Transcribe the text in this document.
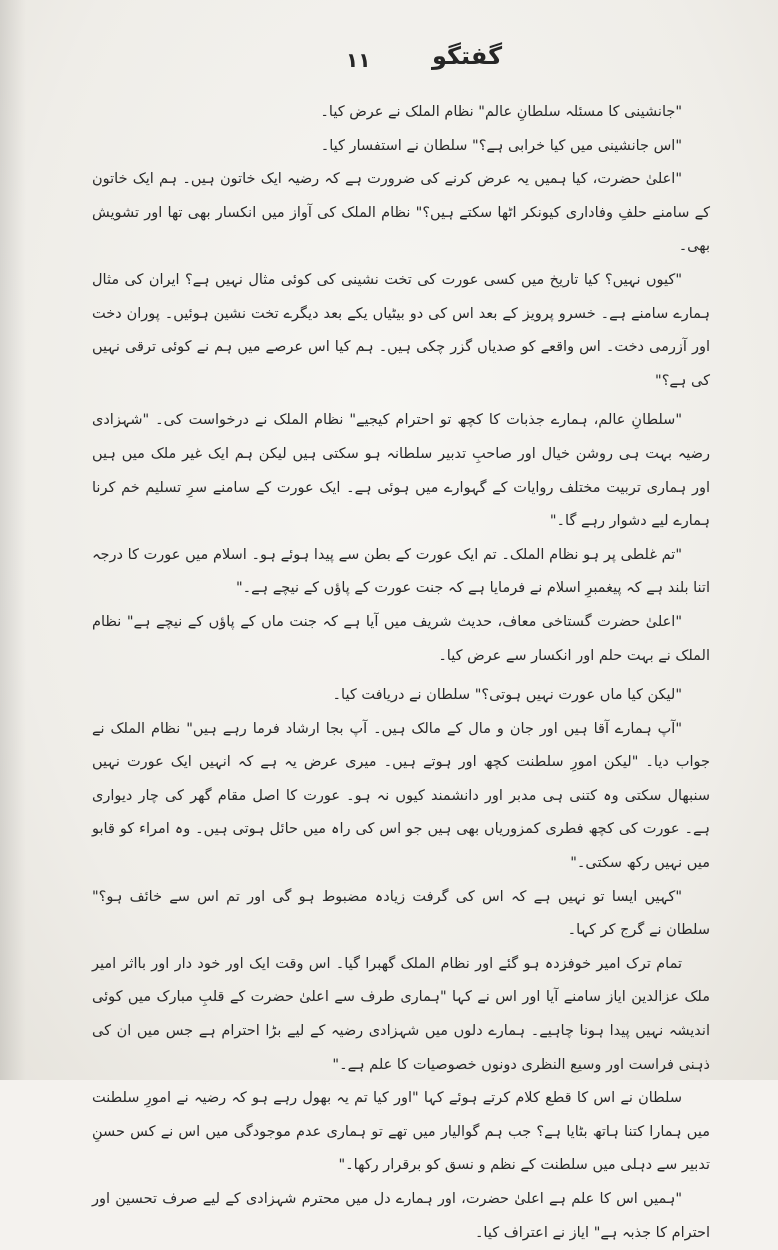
۱۱	گفتگو

"جانشینی کا مسئلہ سلطانِ عالم" نظام الملک نے عرض کیا۔

"اس جانشینی میں کیا خرابی ہے؟" سلطان نے استفسار کیا۔

"اعلیٰ حضرت، کیا ہمیں یہ عرض کرنے کی ضرورت ہے کہ رضیہ ایک خاتون ہیں۔ ہم ایک خاتون کے سامنے حلفِ وفاداری کیونکر اٹھا سکتے ہیں؟" نظام الملک کی آواز میں انکسار بھی تھا اور تشویش بھی۔

"کیوں نہیں؟ کیا تاریخ میں کسی عورت کی تخت نشینی کی کوئی مثال نہیں ہے؟ ایران کی مثال ہمارے سامنے ہے۔ خسرو پرویز کے بعد اس کی دو بیٹیاں یکے بعد دیگرے تخت نشین ہوئیں۔ پوران دخت اور آزرمی دخت۔ اس واقعے کو صدیاں گزر چکی ہیں۔ ہم کیا اس عرصے میں ہم نے کوئی ترقی نہیں کی ہے؟"

"سلطانِ عالم، ہمارے جذبات کا کچھ تو احترام کیجیے" نظام الملک نے درخواست کی۔ "شہزادی رضیہ بہت ہی روشن خیال اور صاحبِ تدبیر سلطانہ ہو سکتی ہیں لیکن ہم ایک غیر ملک میں ہیں اور ہماری تربیت مختلف روایات کے گہوارے میں ہوئی ہے۔ ایک عورت کے سامنے سرِ تسلیم خم کرنا ہمارے لیے دشوار رہے گا۔"

"تم غلطی پر ہو نظام الملک۔ تم ایک عورت کے بطن سے پیدا ہوئے ہو۔ اسلام میں عورت کا درجہ اتنا بلند ہے کہ پیغمبرِ اسلام نے فرمایا ہے کہ جنت عورت کے پاؤں کے نیچے ہے۔"

"اعلیٰ حضرت گستاخی معاف، حدیث شریف میں آیا ہے کہ جنت ماں کے پاؤں کے نیچے ہے" نظام الملک نے بہت حلم اور انکسار سے عرض کیا۔

"لیکن کیا ماں عورت نہیں ہوتی؟" سلطان نے دریافت کیا۔

"آپ ہمارے آقا ہیں اور جان و مال کے مالک ہیں۔ آپ بجا ارشاد فرما رہے ہیں" نظام الملک نے جواب دیا۔ "لیکن امورِ سلطنت کچھ اور ہوتے ہیں۔ میری عرض یہ ہے کہ انہیں ایک عورت نہیں سنبھال سکتی وہ کتنی ہی مدبر اور دانشمند کیوں نہ ہو۔ عورت کا اصل مقام گھر کی چار دیواری ہے۔ عورت کی کچھ فطری کمزوریاں بھی ہیں جو اس کی راہ میں حائل ہوتی ہیں۔ وہ امراء کو قابو میں نہیں رکھ سکتی۔"

"کہیں ایسا تو نہیں ہے کہ اس کی گرفت زیادہ مضبوط ہو گی اور تم اس سے خائف ہو؟" سلطان نے گرج کر کہا۔

تمام ترک امیر خوفزدہ ہو گئے اور نظام الملک گھبرا گیا۔ اس وقت ایک اور خود دار اور بااثر امیر ملک عزالدین ایاز سامنے آیا اور اس نے کہا "ہماری طرف سے اعلیٰ حضرت کے قلبِ مبارک میں کوئی اندیشہ نہیں پیدا ہونا چاہیے۔ ہمارے دلوں میں شہزادی رضیہ کے لیے بڑا احترام ہے جس میں ان کی ذہنی فراست اور وسیع النظری دونوں خصوصیات کا علم ہے۔"

سلطان نے اس کا قطع کلام کرتے ہوئے کہا "اور کیا تم یہ بھول رہے ہو کہ رضیہ نے امورِ سلطنت میں ہمارا کتنا ہاتھ بٹایا ہے؟ جب ہم گوالیار میں تھے تو ہماری عدم موجودگی میں اس نے کس حسنِ تدبیر سے دہلی میں سلطنت کے نظم و نسق کو برقرار رکھا۔"

"ہمیں اس کا علم ہے اعلیٰ حضرت، اور ہمارے دل میں محترم شہزادی کے لیے صرف تحسین اور احترام کا جذبہ ہے" ایاز نے اعتراف کیا۔
